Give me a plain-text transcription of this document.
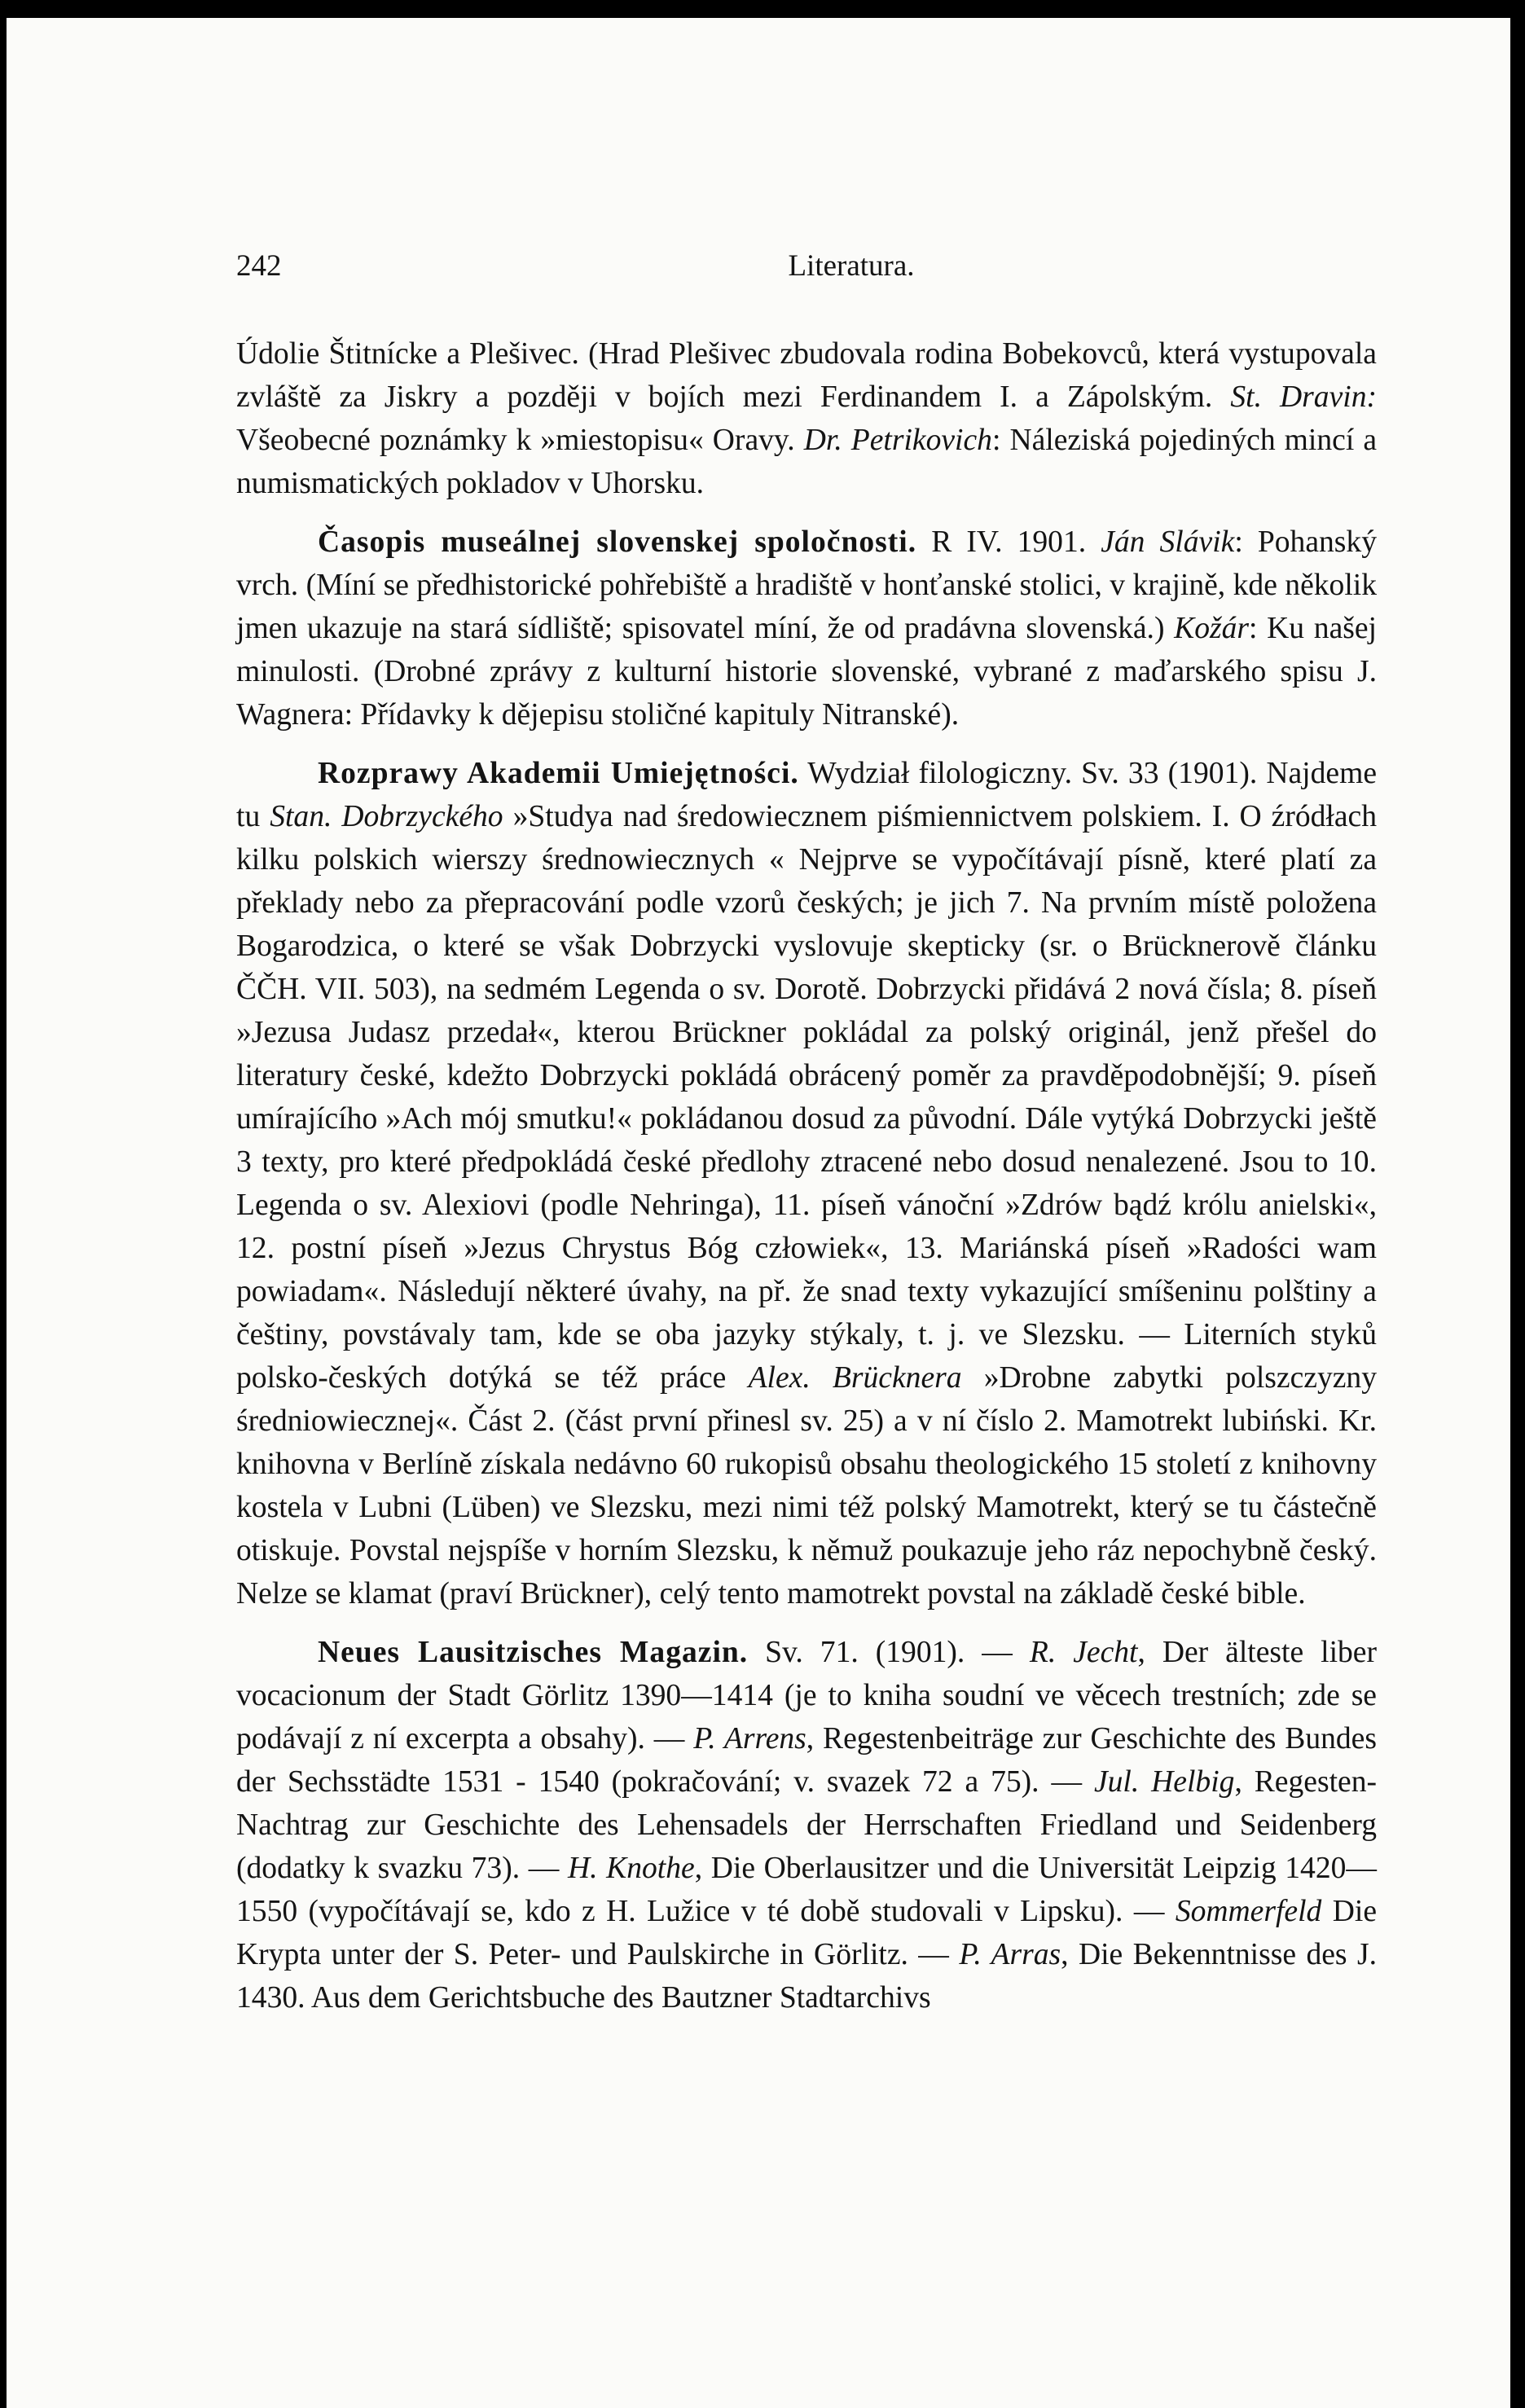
242	Literatura.

Údolie Štitnícke a Plešivec. (Hrad Plešivec zbudovala rodina Bobekovců, která vystupovala zvláště za Jiskry a později v bojích mezi Ferdinandem I. a Zápolským. St. Dravin: Všeobecné poznámky k »miestopisu« Oravy. Dr. Petrikovich: Náleziská pojediných mincí a numismatických pokladov v Uhorsku.

Časopis museálnej slovenskej spoločnosti. R IV. 1901. Ján Slávik: Pohanský vrch. (Míní se předhistorické pohřebiště a hradiště v honťanské stolici, v krajině, kde několik jmen ukazuje na stará sídliště; spisovatel míní, že od pradávna slovenská.) Kožár: Ku našej minulosti. (Drobné zprávy z kulturní historie slovenské, vybrané z maďarského spisu J. Wagnera: Přídavky k dějepisu stoličné kapituly Nitranské).

Rozprawy Akademii Umiejętności. Wydział filologiczny. Sv. 33 (1901). Najdeme tu Stan. Dobrzyckého »Studya nad średowiecznem piśmiennictvem polskiem. I. O źródłach kilku polskich wierszy średnowiecznych « Nejprve se vypočítávají písně, které platí za překlady nebo za přepracování podle vzorů českých; je jich 7. Na prvním místě položena Bogarodzica, o které se však Dobrzycki vyslovuje skepticky (sr. o Brücknerově článku ČČH. VII. 503), na sedmém Legenda o sv. Dorotě. Dobrzycki přidává 2 nová čísla; 8. píseň »Jezusa Judasz przedał«, kterou Brückner pokládal za polský originál, jenž přešel do literatury české, kdežto Dobrzycki pokládá obrácený poměr za pravděpodobnější; 9. píseň umírajícího »Ach mój smutku!« pokládanou dosud za původní. Dále vytýká Dobrzycki ještě 3 texty, pro které předpokládá české předlohy ztracené nebo dosud nenalezené. Jsou to 10. Legenda o sv. Alexiovi (podle Nehringa), 11. píseň vánoční »Zdrów bądź królu anielski«, 12. postní píseň »Jezus Chrystus Bóg człowiek«, 13. Mariánská píseň »Radości wam powiadam«. Následují některé úvahy, na př. že snad texty vykazující smíšeninu polštiny a češtiny, povstávaly tam, kde se oba jazyky stýkaly, t. j. ve Slezsku. — Literních styků polsko-českých dotýká se též práce Alex. Brücknera »Drobne zabytki polszczyzny średniowiecznej«. Část 2. (část první přinesl sv. 25) a v ní číslo 2. Mamotrekt lubiński. Kr. knihovna v Berlíně získala nedávno 60 rukopisů obsahu theologického 15 století z knihovny kostela v Lubni (Lüben) ve Slezsku, mezi nimi též polský Mamotrekt, který se tu částečně otiskuje. Povstal nejspíše v horním Slezsku, k němuž poukazuje jeho ráz nepochybně český. Nelze se klamat (praví Brückner), celý tento mamotrekt povstal na základě české bible.

Neues Lausitzisches Magazin. Sv. 71. (1901). — R. Jecht, Der älteste liber vocacionum der Stadt Görlitz 1390—1414 (je to kniha soudní ve věcech trestních; zde se podávají z ní excerpta a obsahy). — P. Arrens, Regestenbeiträge zur Geschichte des Bundes der Sechsstädte 1531 - 1540 (pokračování; v. svazek 72 a 75). — Jul. Helbig, Regesten-Nachtrag zur Geschichte des Lehensadels der Herrschaften Friedland und Seidenberg (dodatky k svazku 73). — H. Knothe, Die Oberlausitzer und die Universität Leipzig 1420—1550 (vypočítávají se, kdo z H. Lužice v té době studovali v Lipsku). — Sommerfeld Die Krypta unter der S. Peter- und Paulskirche in Görlitz. — P. Arras, Die Bekenntnisse des J. 1430. Aus dem Gerichtsbuche des Bautzner Stadtarchivs
